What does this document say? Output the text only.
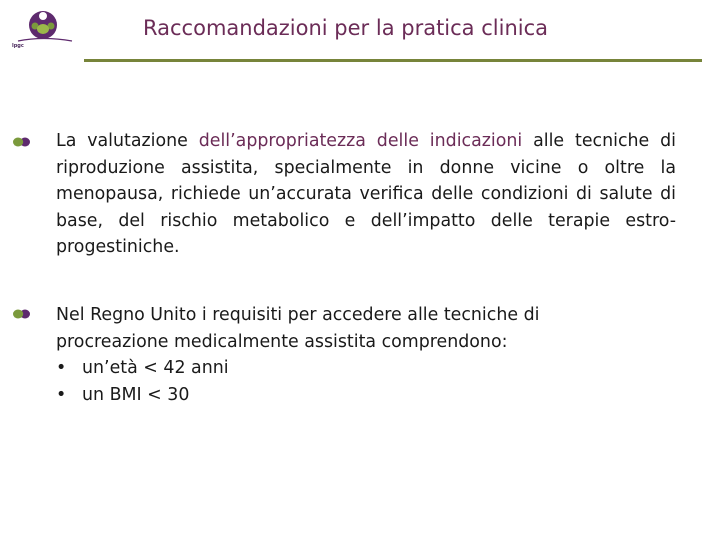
lpgc
Raccomandazioni per la pratica clinica
La valutazione dell’appropriatezza delle indicazioni alle tecniche di riproduzione assistita, specialmente in donne vicine o oltre la menopausa, richiede un’accurata verifica delle condizioni di salute di base, del rischio metabolico e dell’impatto delle terapie estro-progestiniche.
Nel Regno Unito i requisiti per accedere alle tecniche di procreazione medicalmente assistita comprendono:
• un’età < 42 anni
• un BMI < 30
